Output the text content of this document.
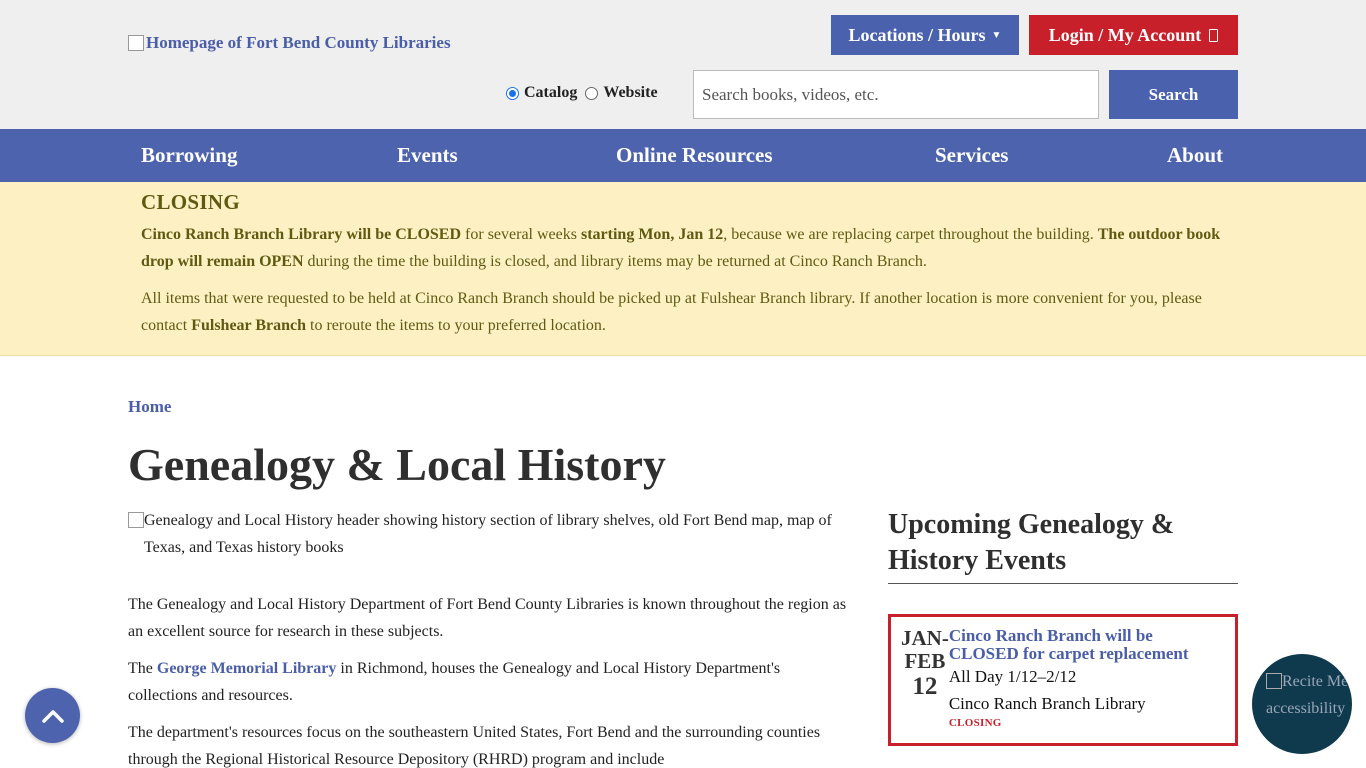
Homepage of Fort Bend County Libraries	Locations / Hours ▼	Login / My Account
Catalog Website
Search books, videos, etc.	Search
Borrowing	Events	Online Resources	Services	About
CLOSING

Cinco Ranch Branch Library will be CLOSED for several weeks starting Mon, Jan 12, because we are replacing carpet throughout the building. The outdoor book drop will remain OPEN during the time the building is closed, and library items may be returned at Cinco Ranch Branch.

All items that were requested to be held at Cinco Ranch Branch should be picked up at Fulshear Branch library. If another location is more convenient for you, please contact Fulshear Branch to reroute the items to your preferred location.

Home
Genealogy & Local History
Genealogy and Local History header showing history section of library shelves, old Fort Bend map, map of Texas, and Texas history books

The Genealogy and Local History Department of Fort Bend County Libraries is known throughout the region as an excellent source for research in these subjects.

The George Memorial Library in Richmond, houses the Genealogy and Local History Department's collections and resources.

The department's resources focus on the southeastern United States, Fort Bend and the surrounding counties through the Regional Historical Resource Depository (RHRD) program and include

Upcoming Genealogy & History Events
JAN-FEB
12
Cinco Ranch Branch will be CLOSED for carpet replacement
All Day 1/12–2/12
Cinco Ranch Branch Library
CLOSING
Recite Me accessibility
